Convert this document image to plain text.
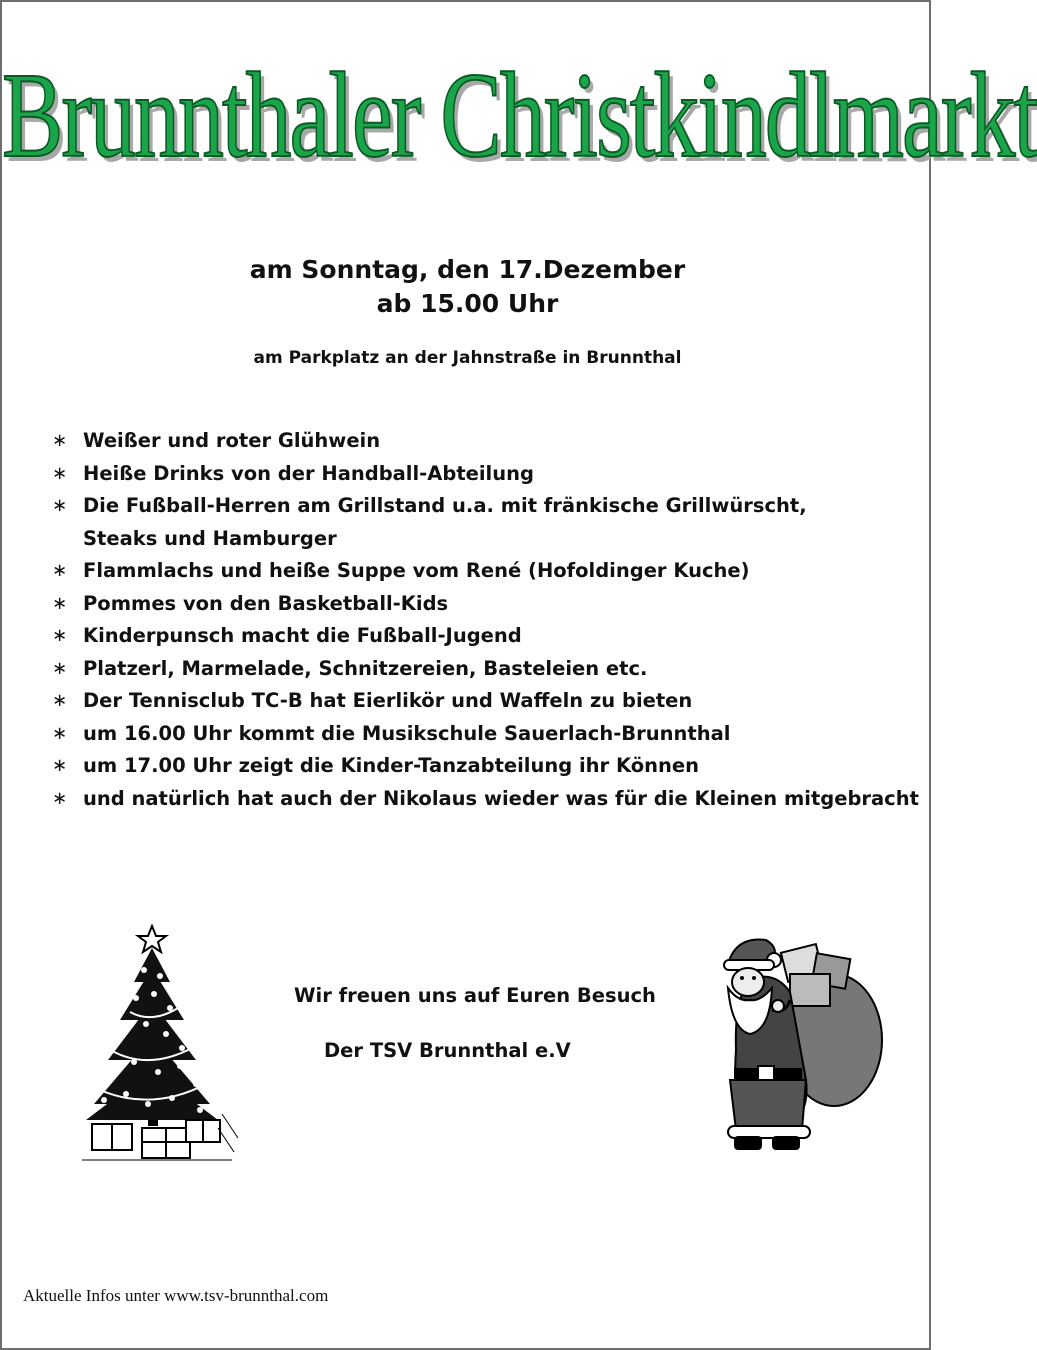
Brunnthaler Christkindlmarkt
am Sonntag, den 17.Dezember
ab 15.00 Uhr
am Parkplatz an der Jahnstraße in Brunnthal
∗ Weißer und roter Glühwein
∗ Heiße Drinks von der Handball-Abteilung
∗ Die Fußball-Herren am Grillstand u.a. mit fränkische Grillwürscht,
Steaks und Hamburger
∗ Flammlachs und heiße Suppe vom René (Hofoldinger Kuche)
∗ Pommes von den Basketball-Kids
∗ Kinderpunsch macht die Fußball-Jugend
∗ Platzerl, Marmelade, Schnitzereien, Basteleien etc.
∗ Der Tennisclub TC-B hat Eierlikör und Waffeln zu bieten
∗ um 16.00 Uhr kommt die Musikschule Sauerlach-Brunnthal
∗ um 17.00 Uhr zeigt die Kinder-Tanzabteilung ihr Können
∗ und natürlich hat auch der Nikolaus wieder was für die Kleinen mitgebracht
Wir freuen uns auf Euren Besuch
Der TSV Brunnthal e.V
Aktuelle Infos unter www.tsv-brunnthal.com
